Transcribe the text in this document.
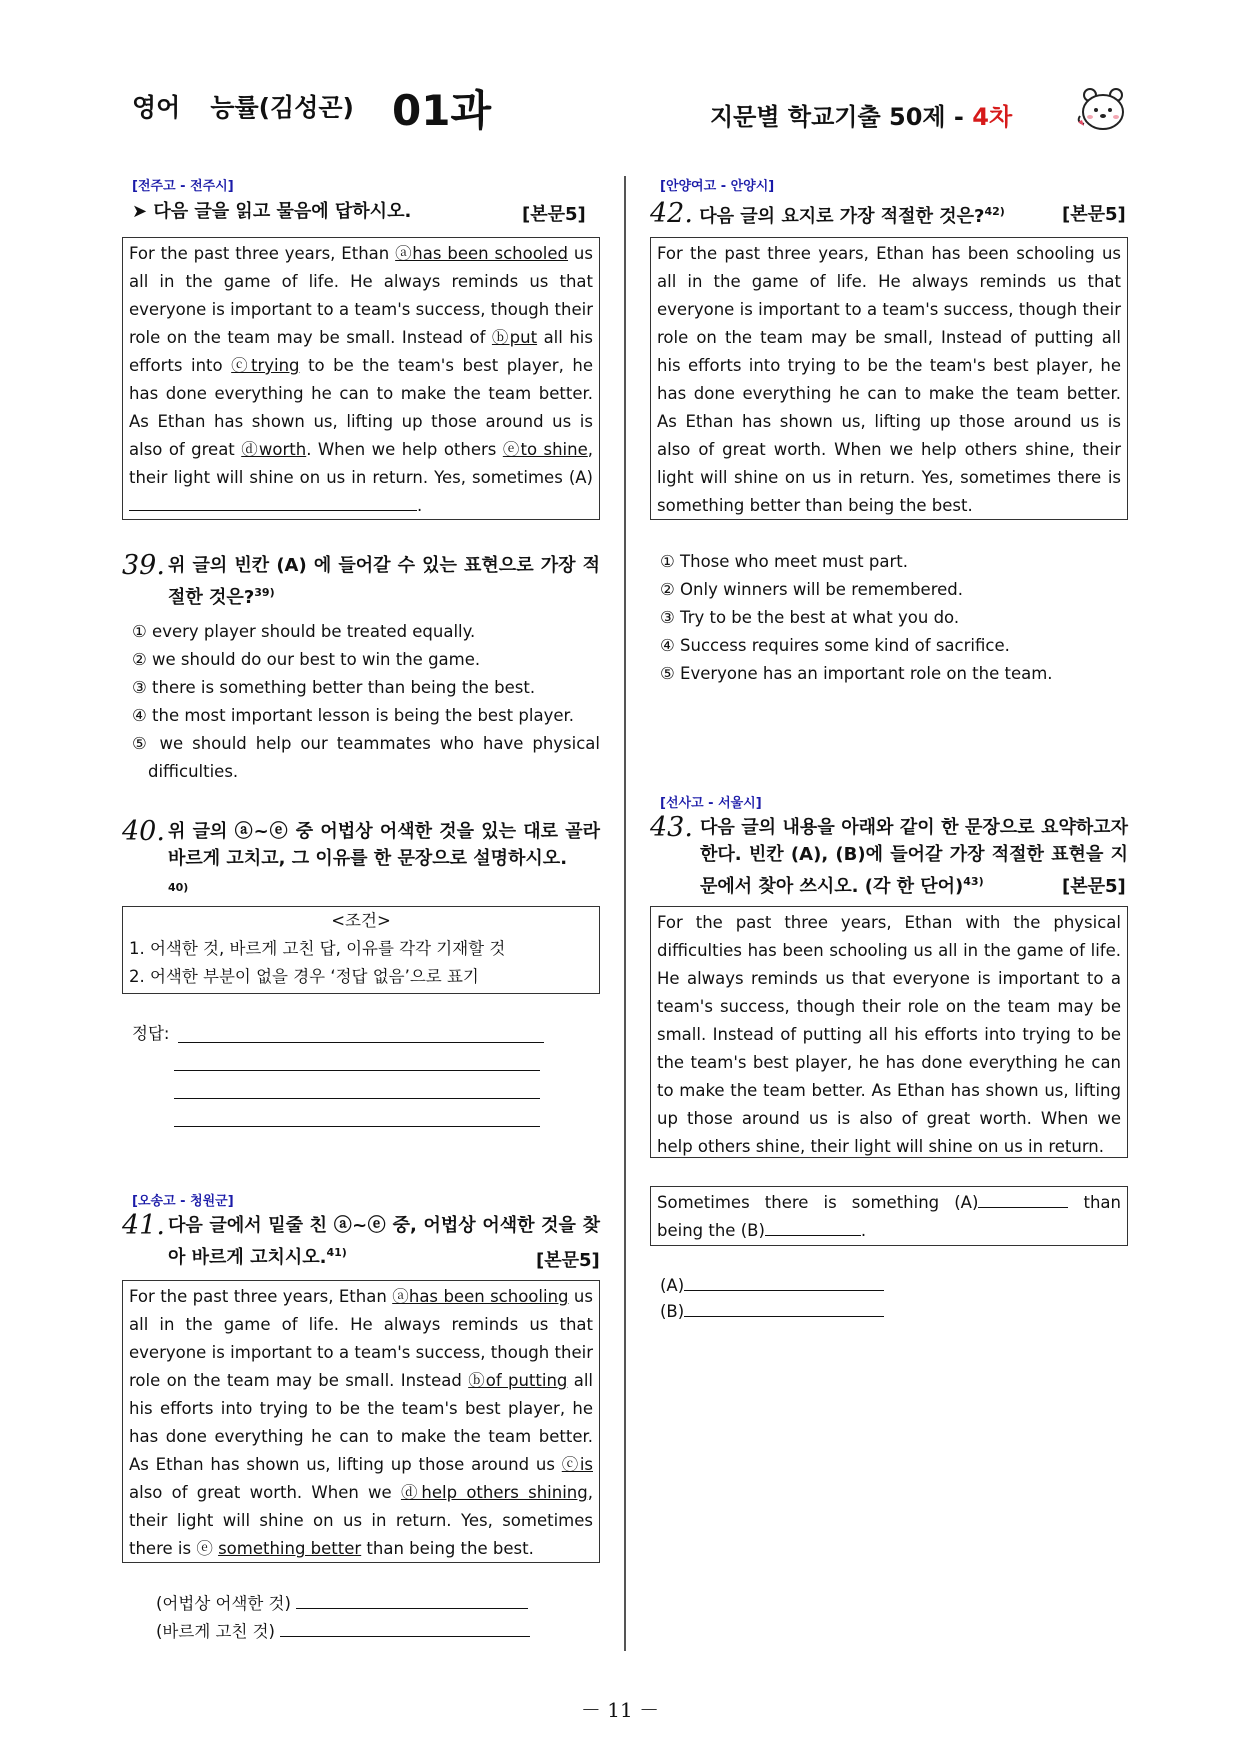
영어 능률(김성곤) 01과	지문별 학교기출 50제 - 4차
[전주고 - 전주시]
➤ 다음 글을 읽고 물음에 답하시오.	[본문5]
For the past three years, Ethan ⓐhas been schooled us all in the game of life. He always reminds us that everyone is important to a team's success, though their role on the team may be small. Instead of ⓑput all his efforts into ⓒtrying to be the team's best player, he has done everything he can to make the team better. As Ethan has shown us, lifting up those around us is also of great ⓓworth. When we help others ⓔto shine, their light will shine on us in return. Yes, sometimes (A).
39. 위 글의 빈칸 (A) 에 들어갈 수 있는 표현으로 가장 적절한 것은?$^{39)}$
① every player should be treated equally.
② we should do our best to win the game.
③ there is something better than being the best.
④ the most important lesson is being the best player.
⑤ we should help our teammates who have physical difficulties.
40. 위 글의 ⓐ~ⓔ 중 어법상 어색한 것을 있는 대로 골라 바르게 고치고, 그 이유를 한 문장으로 설명하시오.
40)
<조건>
1. 어색한 것, 바르게 고친 답, 이유를 각각 기재할 것
2. 어색한 부분이 없을 경우 ‘정답 없음’으로 표기
정답:
[오송고 - 청원군]
41. 다음 글에서 밑줄 친 ⓐ~ⓔ 중, 어법상 어색한 것을 찾아 바르게 고치시오.$^{41)}$	[본문5]
For the past three years, Ethan ⓐhas been schooling us all in the game of life. He always reminds us that everyone is important to a team's success, though their role on the team may be small. Instead ⓑof putting all his efforts into trying to be the team's best player, he has done everything he can to make the team better. As Ethan has shown us, lifting up those around us ⓒis also of great worth. When we ⓓhelp others shining, their light will shine on us in return. Yes, sometimes there is ⓔ something better than being the best.
(어법상 어색한 것)
(바르게 고친 것)
[안양여고 - 안양시]
42. 다음 글의 요지로 가장 적절한 것은?$^{42)}$	[본문5]
For the past three years, Ethan has been schooling us all in the game of life. He always reminds us that everyone is important to a team's success, though their role on the team may be small, Instead of putting all his efforts into trying to be the team's best player, he has done everything he can to make the team better. As Ethan has shown us, lifting up those around us is also of great worth. When we help others shine, their light will shine on us in return. Yes, sometimes there is something better than being the best.
① Those who meet must part.
② Only winners will be remembered.
③ Try to be the best at what you do.
④ Success requires some kind of sacrifice.
⑤ Everyone has an important role on the team.
[선사고 - 서울시]
43. 다음 글의 내용을 아래와 같이 한 문장으로 요약하고자 한다. 빈칸 (A), (B)에 들어갈 가장 적절한 표현을 지문에서 찾아 쓰시오. (각 한 단어)$^{43)}$	[본문5]
For the past three years, Ethan with the physical difficulties has been schooling us all in the game of life. He always reminds us that everyone is important to a team's success, though their role on the team may be small. Instead of putting all his efforts into trying to be the team's best player, he has done everything he can to make the team better. As Ethan has shown us, lifting up those around us is also of great worth. When we help others shine, their light will shine on us in return.
Sometimes there is something (A)	than being the (B)	.
(A)
(B)
－ 11 －
